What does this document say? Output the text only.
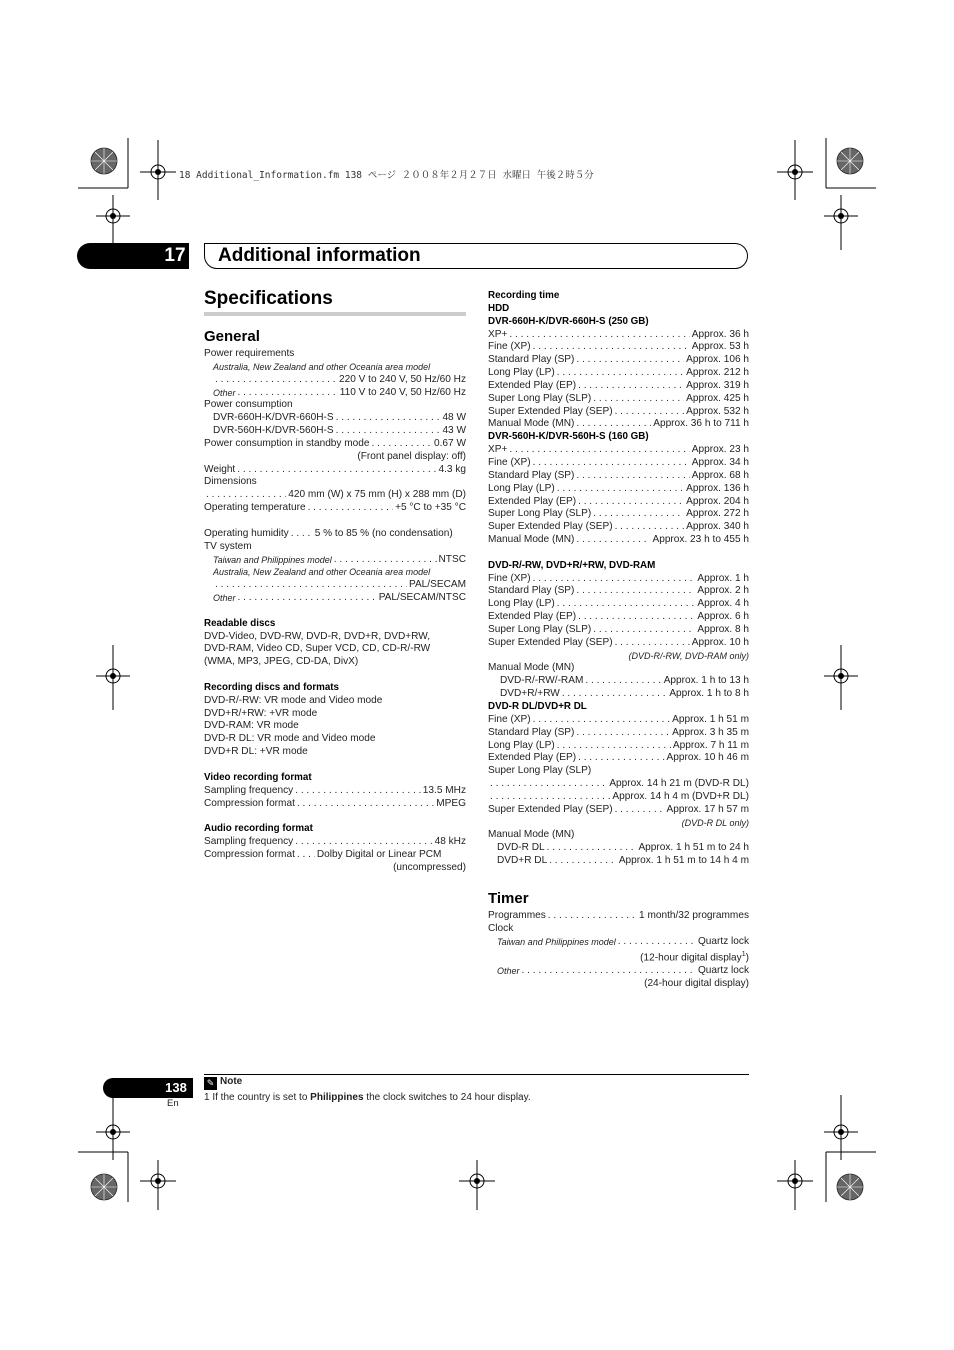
18 Additional_Information.fm 138 ページ ２００８年２月２７日 水曜日 午後２時５分
17	Additional information
Specifications
General
Power requirements
Australia, New Zealand and other Oceania area model
. . .
220 V to 240 V, 50 Hz/60 Hz
Other . . .	110 V to 240 V, 50 Hz/60 Hz
Power consumption
DVR-660H-K/DVR-660H-S . . .	48 W
DVR-560H-K/DVR-560H-S . . .	43 W
Power consumption in standby mode . . .	0.67 W
(Front panel display: off)
Weight . . .	4.3 kg
Dimensions
. . .
420 mm (W) x 75 mm (H) x 288 mm (D)
Operating temperature . . .	+5 °C to +35 °C
Operating humidity . . .	5 % to 85 % (no condensation)
TV system
Taiwan and Philippines model . . .	NTSC
Australia, New Zealand and other Oceania area model
. . .
PAL/SECAM
Other . . .	PAL/SECAM/NTSC
Readable discs
DVD-Video, DVD-RW, DVD-R, DVD+R, DVD+RW,
DVD-RAM, Video CD, Super VCD, CD, CD-R/-RW
(WMA, MP3, JPEG, CD-DA, DivX)
Recording discs and formats
DVD-R/-RW: VR mode and Video mode
DVD+R/+RW: +VR mode
DVD-RAM: VR mode
DVD-R DL: VR mode and Video mode
DVD+R DL: +VR mode
Video recording format
Sampling frequency . . .	13.5 MHz
Compression format . . .	MPEG
Audio recording format
Sampling frequency . . .	48 kHz
Compression format . . . Dolby Digital or Linear PCM
(uncompressed)
Recording time
HDD
DVR-660H-K/DVR-660H-S (250 GB)
XP+ . . .	Approx. 36 h
Fine (XP) . . .	Approx. 53 h
Standard Play (SP) . . .	Approx. 106 h
Long Play (LP) . . .	Approx. 212 h
Extended Play (EP) . . .	Approx. 319 h
Super Long Play (SLP) . . .	Approx. 425 h
Super Extended Play (SEP) . . .	Approx. 532 h
Manual Mode (MN) . . .	Approx. 36 h to 711 h
DVR-560H-K/DVR-560H-S (160 GB)
XP+ . . .	Approx. 23 h
Fine (XP) . . .	Approx. 34 h
Standard Play (SP) . . .	Approx. 68 h
Long Play (LP) . . .	Approx. 136 h
Extended Play (EP) . . .	Approx. 204 h
Super Long Play (SLP) . . .	Approx. 272 h
Super Extended Play (SEP) . . .	Approx. 340 h
Manual Mode (MN) . . .	Approx. 23 h to 455 h
DVD-R/-RW, DVD+R/+RW, DVD-RAM
Fine (XP) . . .	Approx. 1 h
Standard Play (SP) . . .	Approx. 2 h
Long Play (LP) . . .	Approx. 4 h
Extended Play (EP) . . .	Approx. 6 h
Super Long Play (SLP) . . .	Approx. 8 h
Super Extended Play (SEP) . . .	Approx. 10 h
(DVD-R/-RW, DVD-RAM only)
Manual Mode (MN)
DVD-R/-RW/-RAM . . .	Approx. 1 h to 13 h
DVD+R/+RW . . .	Approx. 1 h to 8 h
DVD-R DL/DVD+R DL
Fine (XP) . . .	Approx. 1 h 51 m
Standard Play (SP) . . .	Approx. 3 h 35 m
Long Play (LP) . . .	Approx. 7 h 11 m
Extended Play (EP) . . .	Approx. 10 h 46 m
Super Long Play (SLP)
. . .
Approx. 14 h 21 m (DVD-R DL)
. . .
Approx. 14 h 4 m (DVD+R DL)
Super Extended Play (SEP) . . .	Approx. 17 h 57 m
(DVD-R DL only)
Manual Mode (MN)
DVD-R DL . . .	Approx. 1 h 51 m to 24 h
DVD+R DL . . .	Approx. 1 h 51 m to 14 h 4 m
Timer
Programmes . . .	1 month/32 programmes
Clock
Taiwan and Philippines model . . .	Quartz lock
(12-hour digital display$^1$)
Other . . .	Quartz lock
(24-hour digital display)
✎ Note
1 If the country is set to Philippines the clock switches to 24 hour display.
138
En
